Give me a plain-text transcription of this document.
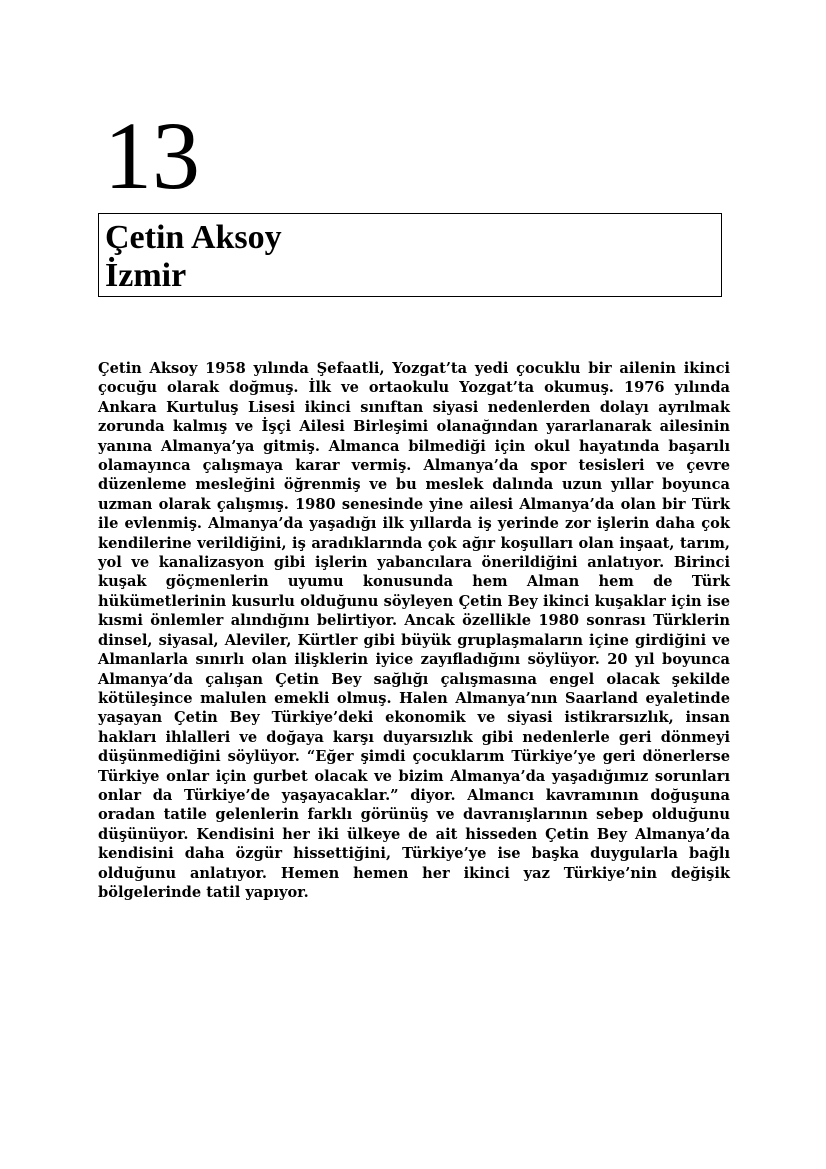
13
Çetin Aksoy
İzmir

Çetin Aksoy 1958 yılında Şefaatli, Yozgat’ta yedi çocuklu bir ailenin ikinci çocuğu olarak doğmuş. İlk ve ortaokulu Yozgat’ta okumuş. 1976 yılında Ankara Kurtuluş Lisesi ikinci sınıftan siyasi nedenlerden dolayı ayrılmak zorunda kalmış ve İşçi Ailesi Birleşimi olanağından yararlanarak ailesinin yanına Almanya’ya gitmiş. Almanca bilmediği için okul hayatında başarılı olamayınca çalışmaya karar vermiş. Almanya’da spor tesisleri ve çevre düzenleme mesleğini öğrenmiş ve bu meslek dalında uzun yıllar boyunca uzman olarak çalışmış. 1980 senesinde yine ailesi Almanya’da olan bir Türk ile evlenmiş. Almanya’da yaşadığı ilk yıllarda iş yerinde zor işlerin daha çok kendilerine verildiğini, iş aradıklarında çok ağır koşulları olan inşaat, tarım, yol ve kanalizasyon gibi işlerin yabancılara önerildiğini anlatıyor. Birinci kuşak göçmenlerin uyumu konusunda hem Alman hem de Türk hükümetlerinin kusurlu olduğunu söyleyen Çetin Bey ikinci kuşaklar için ise kısmi önlemler alındığını belirtiyor. Ancak özellikle 1980 sonrası Türklerin dinsel, siyasal, Aleviler, Kürtler gibi büyük gruplaşmaların içine girdiğini ve Almanlarla sınırlı olan ilişklerin iyice zayıfladığını söylüyor. 20 yıl boyunca Almanya’da çalışan Çetin Bey sağlığı çalışmasına engel olacak şekilde kötüleşince malulen emekli olmuş. Halen Almanya’nın Saarland eyaletinde yaşayan Çetin Bey Türkiye’deki ekonomik ve siyasi istikrarsızlık, insan hakları ihlalleri ve doğaya karşı duyarsızlık gibi nedenlerle geri dönmeyi düşünmediğini söylüyor. “Eğer şimdi çocuklarım Türkiye’ye geri dönerlerse Türkiye onlar için gurbet olacak ve bizim Almanya’da yaşadığımız sorunları onlar da Türkiye’de yaşayacaklar.” diyor. Almancı kavramının doğuşuna oradan tatile gelenlerin farklı görünüş ve davranışlarının sebep olduğunu düşünüyor. Kendisini her iki ülkeye de ait hisseden Çetin Bey Almanya’da kendisini daha özgür hissettiğini, Türkiye’ye ise başka duygularla bağlı olduğunu anlatıyor. Hemen hemen her ikinci yaz Türkiye’nin değişik bölgelerinde tatil yapıyor.
